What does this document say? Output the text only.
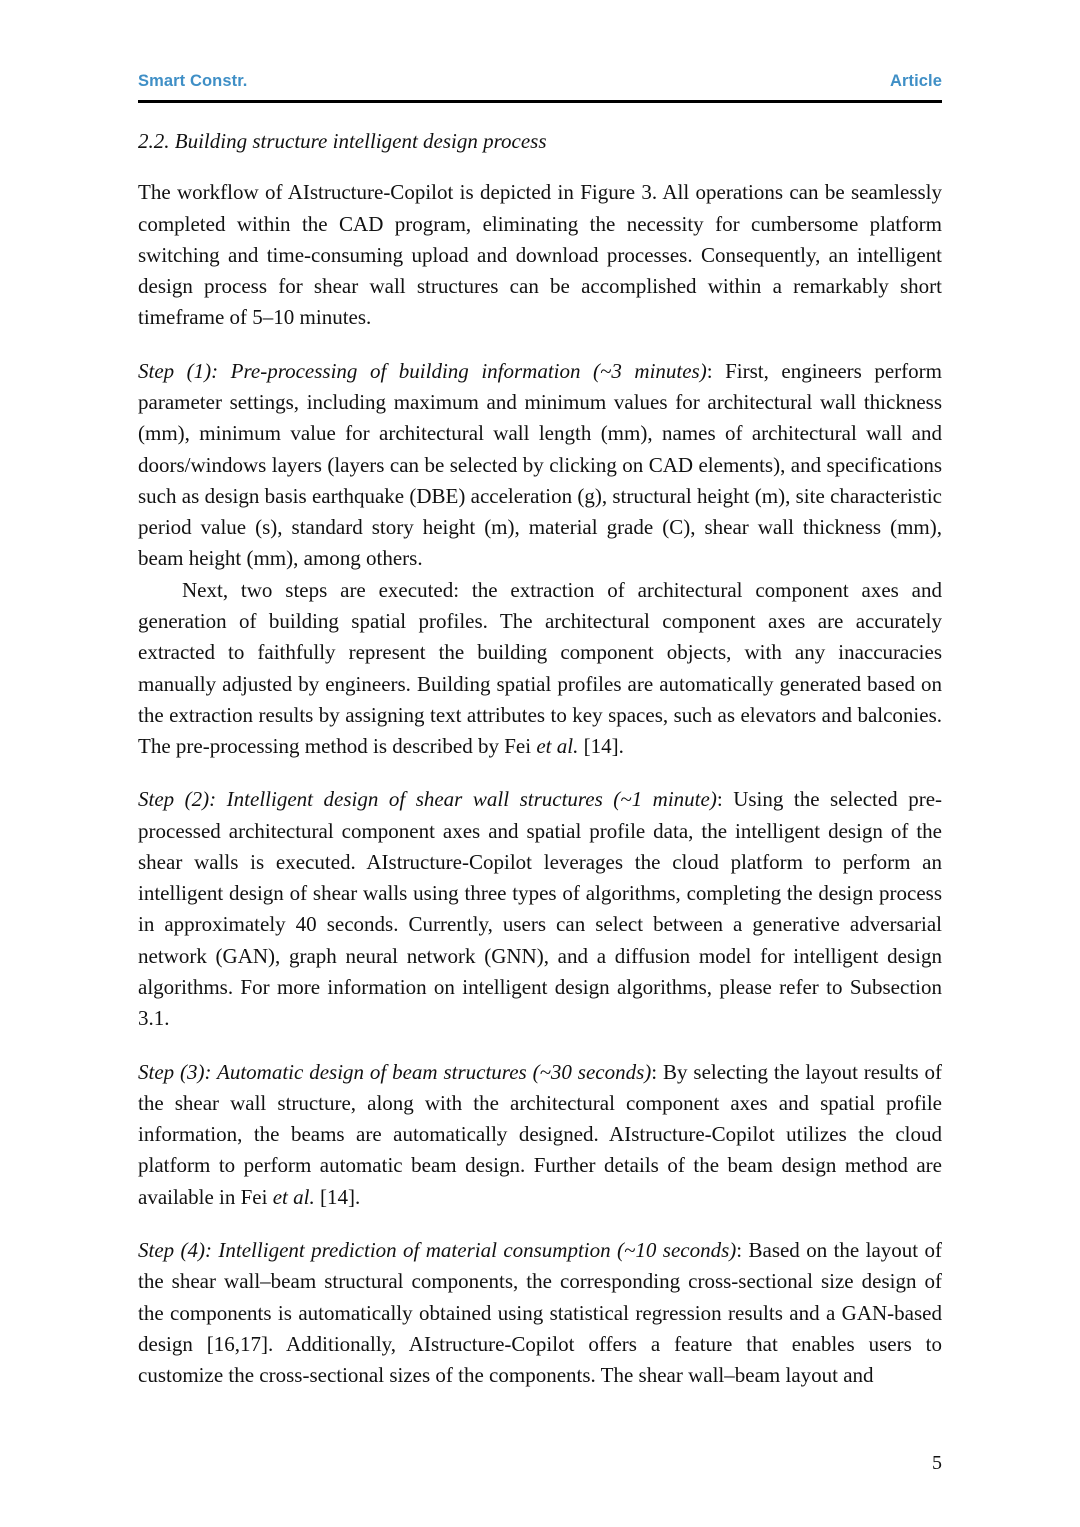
Smart Constr.	Article
2.2. Building structure intelligent design process

The workflow of AIstructure-Copilot is depicted in Figure 3. All operations can be seamlessly completed within the CAD program, eliminating the necessity for cumbersome platform switching and time-consuming upload and download processes. Consequently, an intelligent design process for shear wall structures can be accomplished within a remarkably short timeframe of 5–10 minutes.

Step (1): Pre-processing of building information (~3 minutes): First, engineers perform parameter settings, including maximum and minimum values for architectural wall thickness (mm), minimum value for architectural wall length (mm), names of architectural wall and doors/windows layers (layers can be selected by clicking on CAD elements), and specifications such as design basis earthquake (DBE) acceleration (g), structural height (m), site characteristic period value (s), standard story height (m), material grade (C), shear wall thickness (mm), beam height (mm), among others.

Next, two steps are executed: the extraction of architectural component axes and generation of building spatial profiles. The architectural component axes are accurately extracted to faithfully represent the building component objects, with any inaccuracies manually adjusted by engineers. Building spatial profiles are automatically generated based on the extraction results by assigning text attributes to key spaces, such as elevators and balconies. The pre-processing method is described by Fei et al. [14].

Step (2): Intelligent design of shear wall structures (~1 minute): Using the selected pre-processed architectural component axes and spatial profile data, the intelligent design of the shear walls is executed. AIstructure-Copilot leverages the cloud platform to perform an intelligent design of shear walls using three types of algorithms, completing the design process in approximately 40 seconds. Currently, users can select between a generative adversarial network (GAN), graph neural network (GNN), and a diffusion model for intelligent design algorithms. For more information on intelligent design algorithms, please refer to Subsection 3.1.

Step (3): Automatic design of beam structures (~30 seconds): By selecting the layout results of the shear wall structure, along with the architectural component axes and spatial profile information, the beams are automatically designed. AIstructure-Copilot utilizes the cloud platform to perform automatic beam design. Further details of the beam design method are available in Fei et al. [14].

Step (4): Intelligent prediction of material consumption (~10 seconds): Based on the layout of the shear wall–beam structural components, the corresponding cross-sectional size design of the components is automatically obtained using statistical regression results and a GAN-based design [16,17]. Additionally, AIstructure-Copilot offers a feature that enables users to customize the cross-sectional sizes of the components. The shear wall–beam layout and

5
